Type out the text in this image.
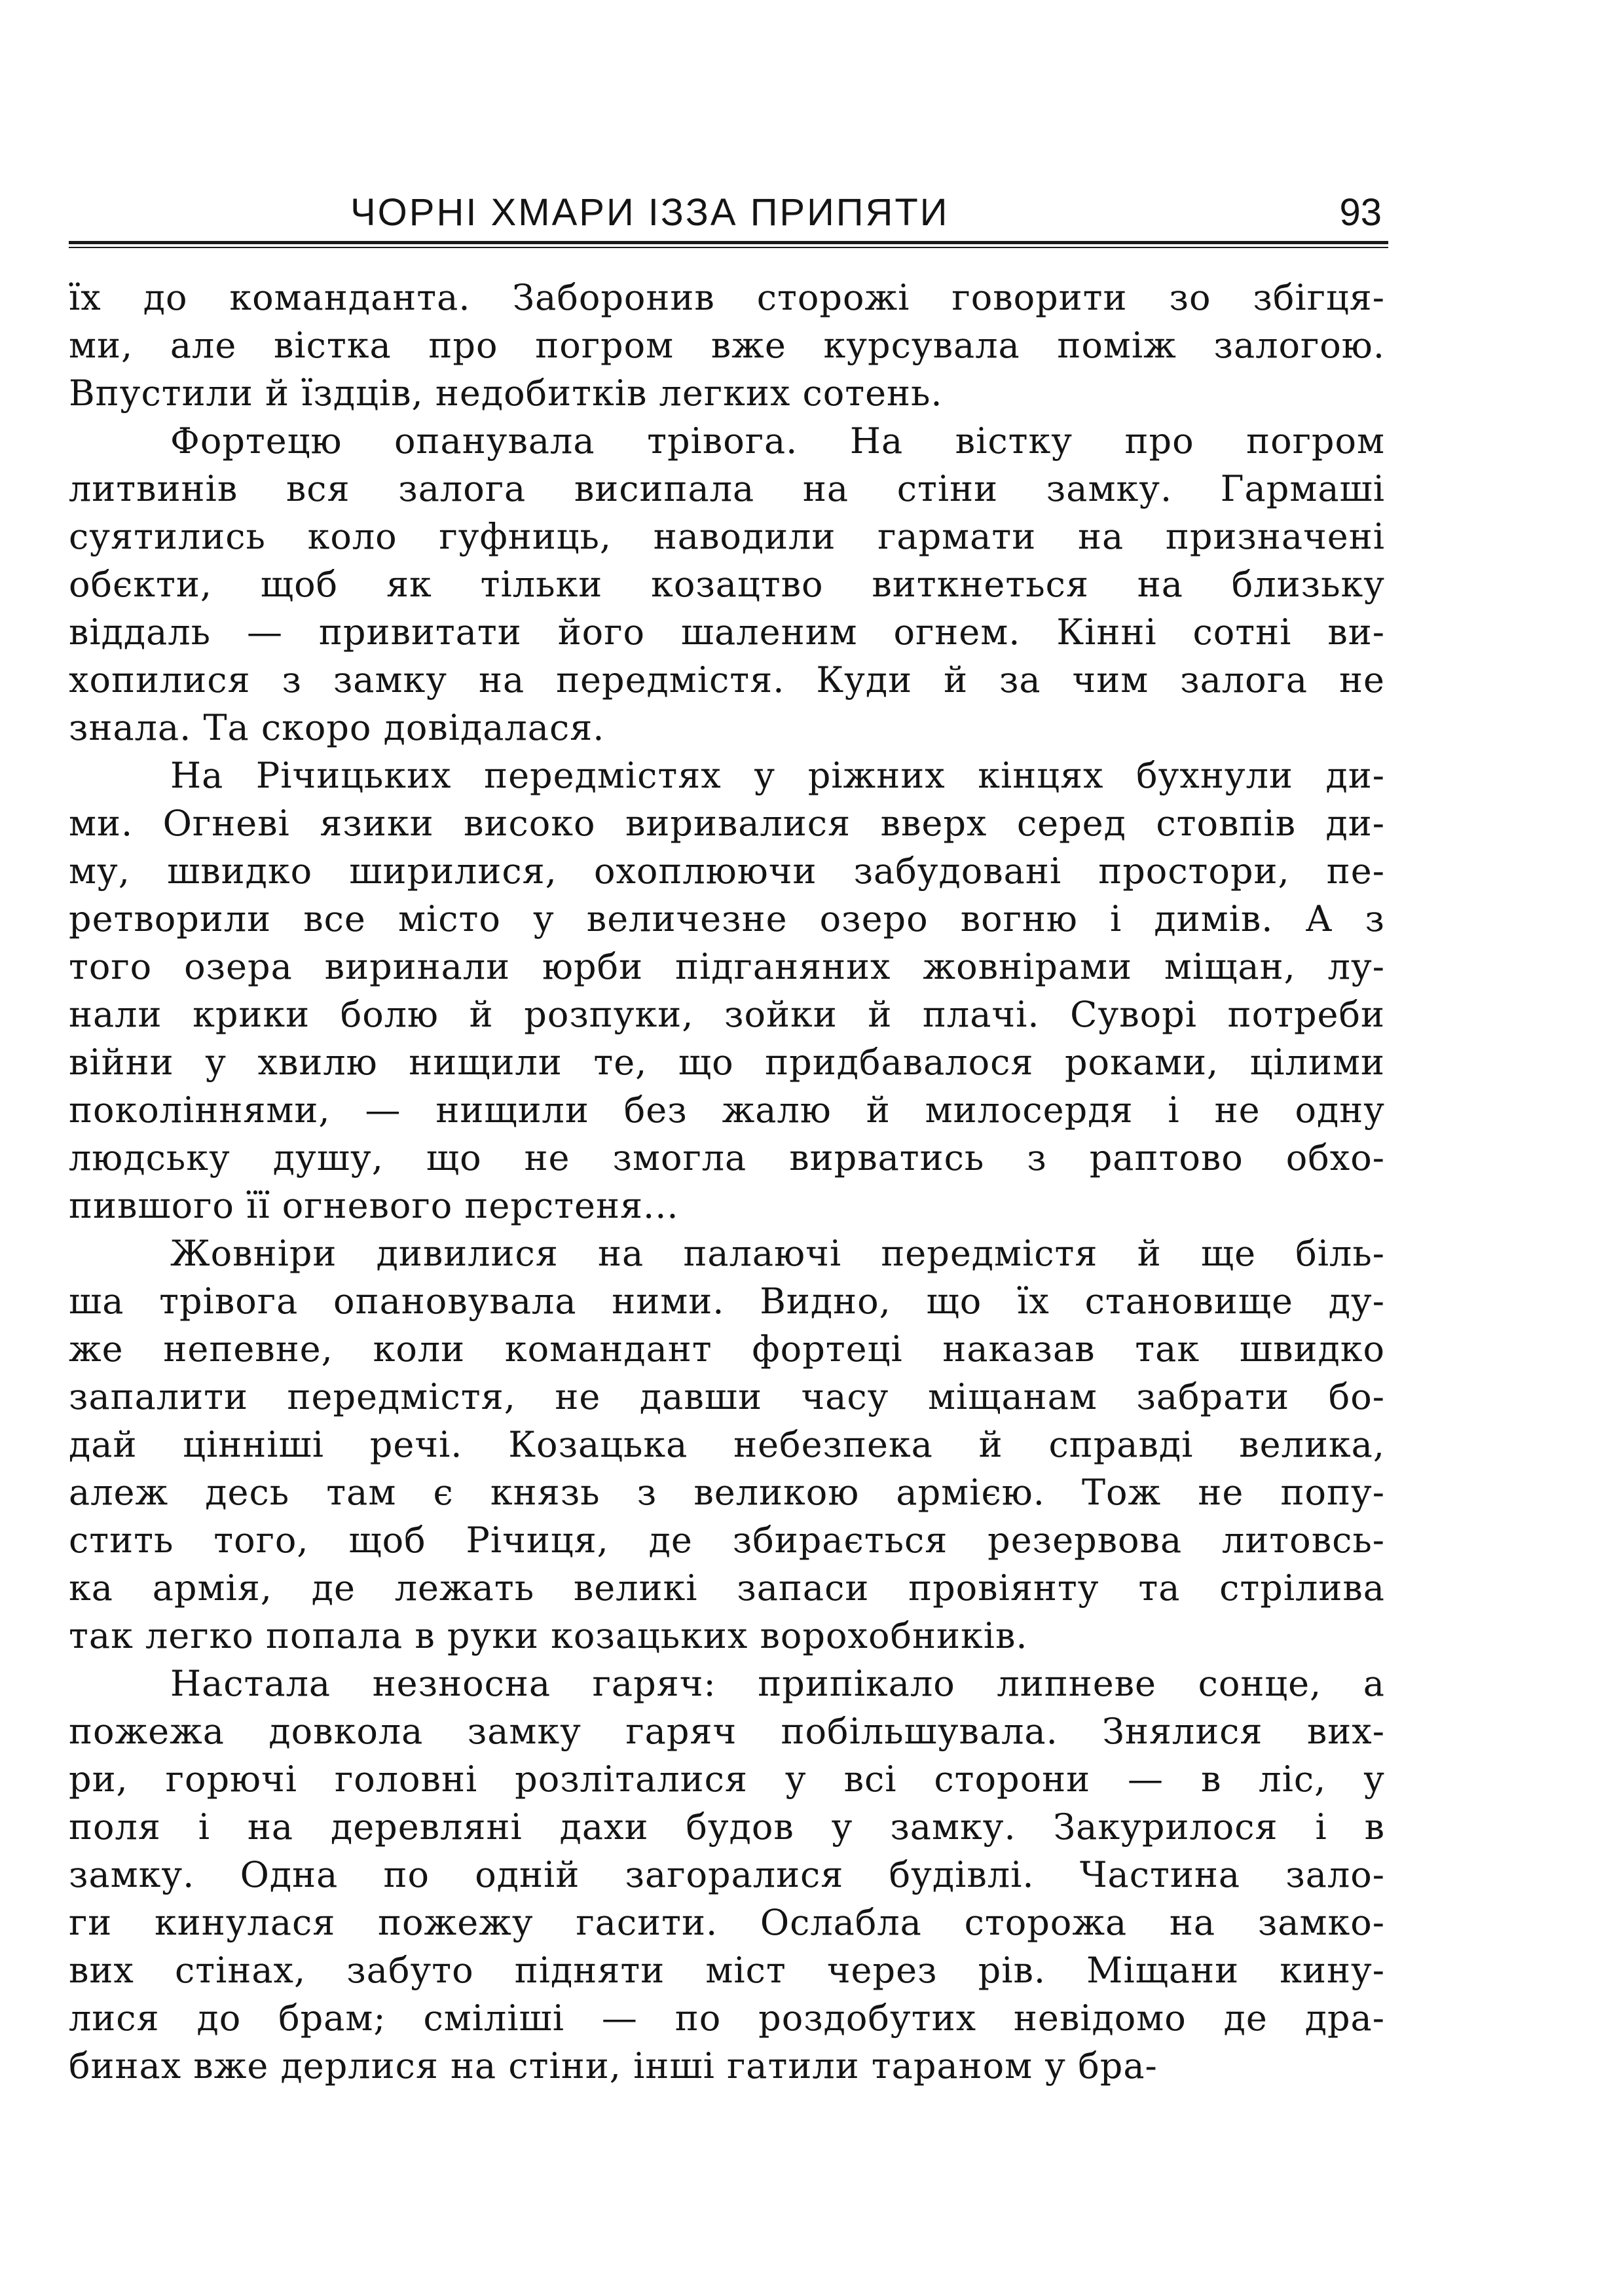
ЧОРНІ ХМАРИ ІЗЗА ПРИПЯТИ	93
їх до команданта. Заборонив сторожі говорити зо збігця-
ми, але вістка про погром вже курсувала поміж залогою.
Впустили й їздців, недобитків легких сотень.
Фортецю опанувала трівога. На вістку про погром
литвинів вся залога висипала на стіни замку. Гармаші
суятились коло гуфниць, наводили гармати на призначені
обєкти, щоб як тільки козацтво виткнеться на близьку
віддаль — привитати його шаленим огнем. Кінні сотні ви-
хопилися з замку на передмістя. Куди й за чим залога не
знала. Та скоро довідалася.
На Річицьких передмістях у ріжних кінцях бухнули ди-
ми. Огневі язики високо виривалися вверх серед стовпів ди-
му, швидко ширилися, охоплюючи забудовані простори, пе-
ретворили все місто у величезне озеро вогню і димів. А з
того озера виринали юрби підганяних жовнірами міщан, лу-
нали крики болю й розпуки, зойки й плачі. Суворі потреби
війни у хвилю нищили те, що придбавалося роками, цілими
поколіннями, — нищили без жалю й милосердя і не одну
людську душу, що не змогла вирватись з раптово обхо-
пившого її огневого перстеня...
Жовніри дивилися на палаючі передмістя й ще біль-
ша трівога опановувала ними. Видно, що їх становище ду-
же непевне, коли командант фортеці наказав так швидко
запалити передмістя, не давши часу міщанам забрати бо-
дай цінніші речі. Козацька небезпека й справді велика,
алеж десь там є князь з великою армією. Тож не попу-
стить того, щоб Річиця, де збирається резервова литовсь-
ка армія, де лежать великі запаси провіянту та стрілива
так легко попала в руки козацьких ворохобників.
Настала незносна гаряч: припікало липневе сонце, а
пожежа довкола замку гаряч побільшувала. Знялися вих-
ри, горючі головні розліталися у всі сторони — в ліс, у
поля і на деревляні дахи будов у замку. Закурилося і в
замку. Одна по одній загоралися будівлі. Частина зало-
ги кинулася пожежу гасити. Ослабла сторожа на замко-
вих стінах, забуто підняти міст через рів. Міщани кину-
лися до брам; сміліші — по роздобутих невідомо де дра-
бинах вже дерлися на стіни, інші гатили тараном у бра-
